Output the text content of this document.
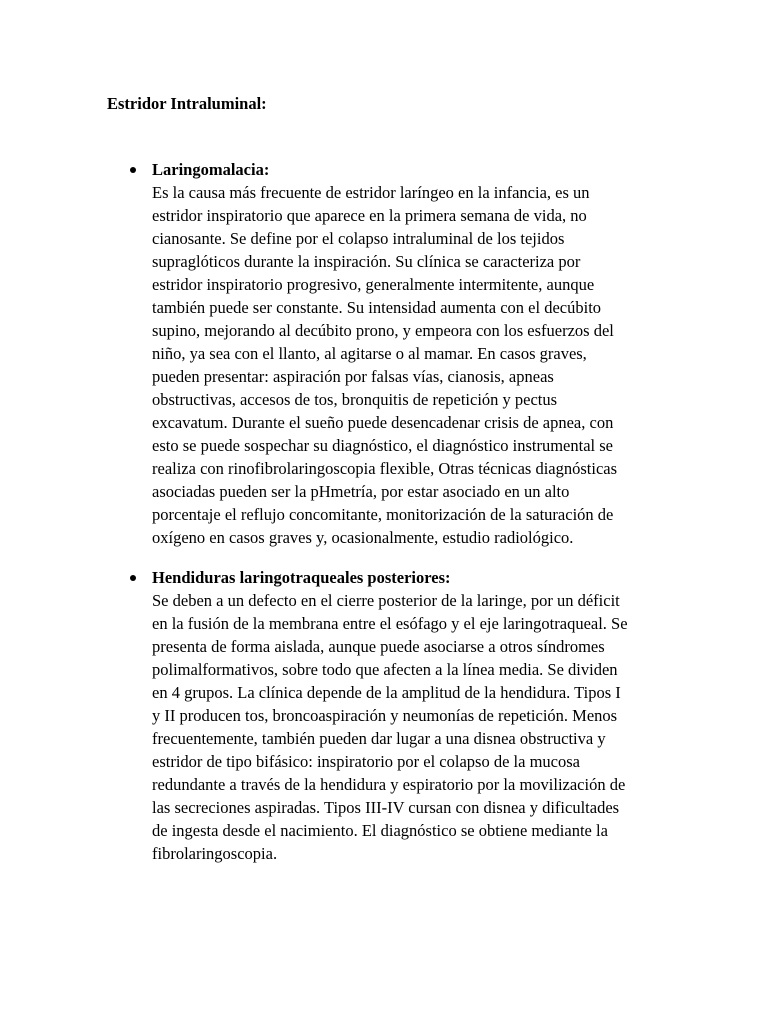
Estridor Intraluminal:

Laringomalacia:

Es la causa más frecuente de estridor laríngeo en la infancia, es un
estridor inspiratorio que aparece en la primera semana de vida, no
cianosante. Se define por el colapso intraluminal de los tejidos
supraglóticos durante la inspiración. Su clínica se caracteriza por
estridor inspiratorio progresivo, generalmente intermitente, aunque
también puede ser constante. Su intensidad aumenta con el decúbito
supino, mejorando al decúbito prono, y empeora con los esfuerzos del
niño, ya sea con el llanto, al agitarse o al mamar. En casos graves,
pueden presentar: aspiración por falsas vías, cianosis, apneas
obstructivas, accesos de tos, bronquitis de repetición y pectus
excavatum. Durante el sueño puede desencadenar crisis de apnea, con
esto se puede sospechar su diagnóstico, el diagnóstico instrumental se
realiza con rinofibrolaringoscopia flexible, Otras técnicas diagnósticas
asociadas pueden ser la pHmetría, por estar asociado en un alto
porcentaje el reflujo concomitante, monitorización de la saturación de
oxígeno en casos graves y, ocasionalmente, estudio radiológico.

Hendiduras laringotraqueales posteriores:

Se deben a un defecto en el cierre posterior de la laringe, por un déficit
en la fusión de la membrana entre el esófago y el eje laringotraqueal. Se
presenta de forma aislada, aunque puede asociarse a otros síndromes
polimalformativos, sobre todo que afecten a la línea media. Se dividen
en 4 grupos. La clínica depende de la amplitud de la hendidura. Tipos I
y II producen tos, broncoaspiración y neumonías de repetición. Menos
frecuentemente, también pueden dar lugar a una disnea obstructiva y
estridor de tipo bifásico: inspiratorio por el colapso de la mucosa
redundante a través de la hendidura y espiratorio por la movilización de
las secreciones aspiradas. Tipos III-IV cursan con disnea y dificultades
de ingesta desde el nacimiento. El diagnóstico se obtiene mediante la
fibrolaringoscopia.
